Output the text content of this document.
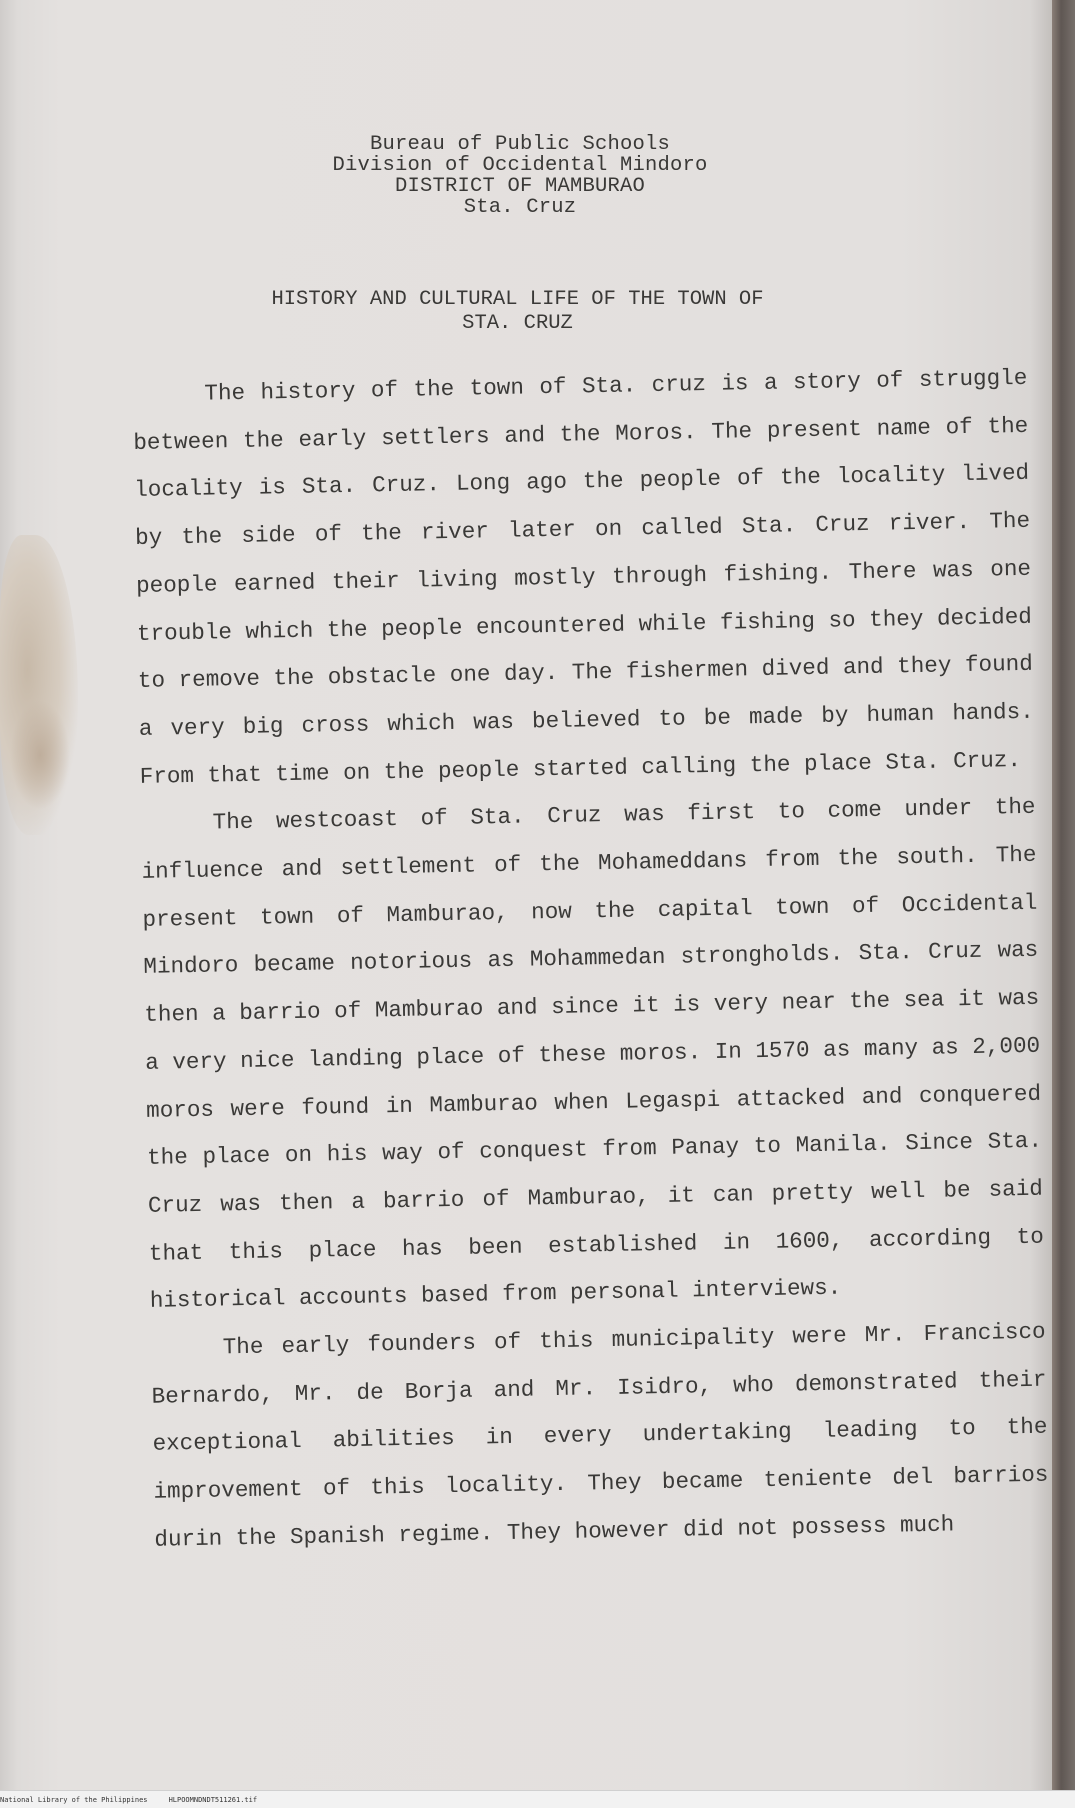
Bureau of Public Schools
Division of Occidental Mindoro
DISTRICT OF MAMBURAO
Sta. Cruz
HISTORY AND CULTURAL LIFE OF THE TOWN OF
STA. CRUZ

The history of the town of Sta. cruz is a story of struggle between the early settlers and the Moros. The present name of the locality is Sta. Cruz. Long ago the people of the locality lived by the side of the river later on called Sta. Cruz river. The people earned their living mostly through fishing. There was one trouble which the people encountered while fishing so they decided to remove the obstacle one day. The fishermen dived and they found a very big cross which was believed to be made by human hands. From that time on the people started calling the place Sta. Cruz.

The westcoast of Sta. Cruz was first to come under the influence and settlement of the Mohameddans from the south. The present town of Mamburao, now the capital town of Occidental Mindoro became notorious as Mohammedan strongholds. Sta. Cruz was then a barrio of Mamburao and since it is very near the sea it was a very nice landing place of these moros. In 1570 as many as 2,000 moros were found in Mamburao when Legaspi attacked and conquered the place on his way of conquest from Panay to Manila. Since Sta. Cruz was then a barrio of Mamburao, it can pretty well be said that this place has been established in 1600, according to historical accounts based from personal interviews.

The early founders of this municipality were Mr. Francisco Bernardo, Mr. de Borja and Mr. Isidro, who demonstrated their exceptional abilities in every undertaking leading to the improvement of this locality. They became teniente del barrios durin the Spanish regime. They however did not possess much

National Library of the Philippines     HLPOOMNDNDT511261.tif
